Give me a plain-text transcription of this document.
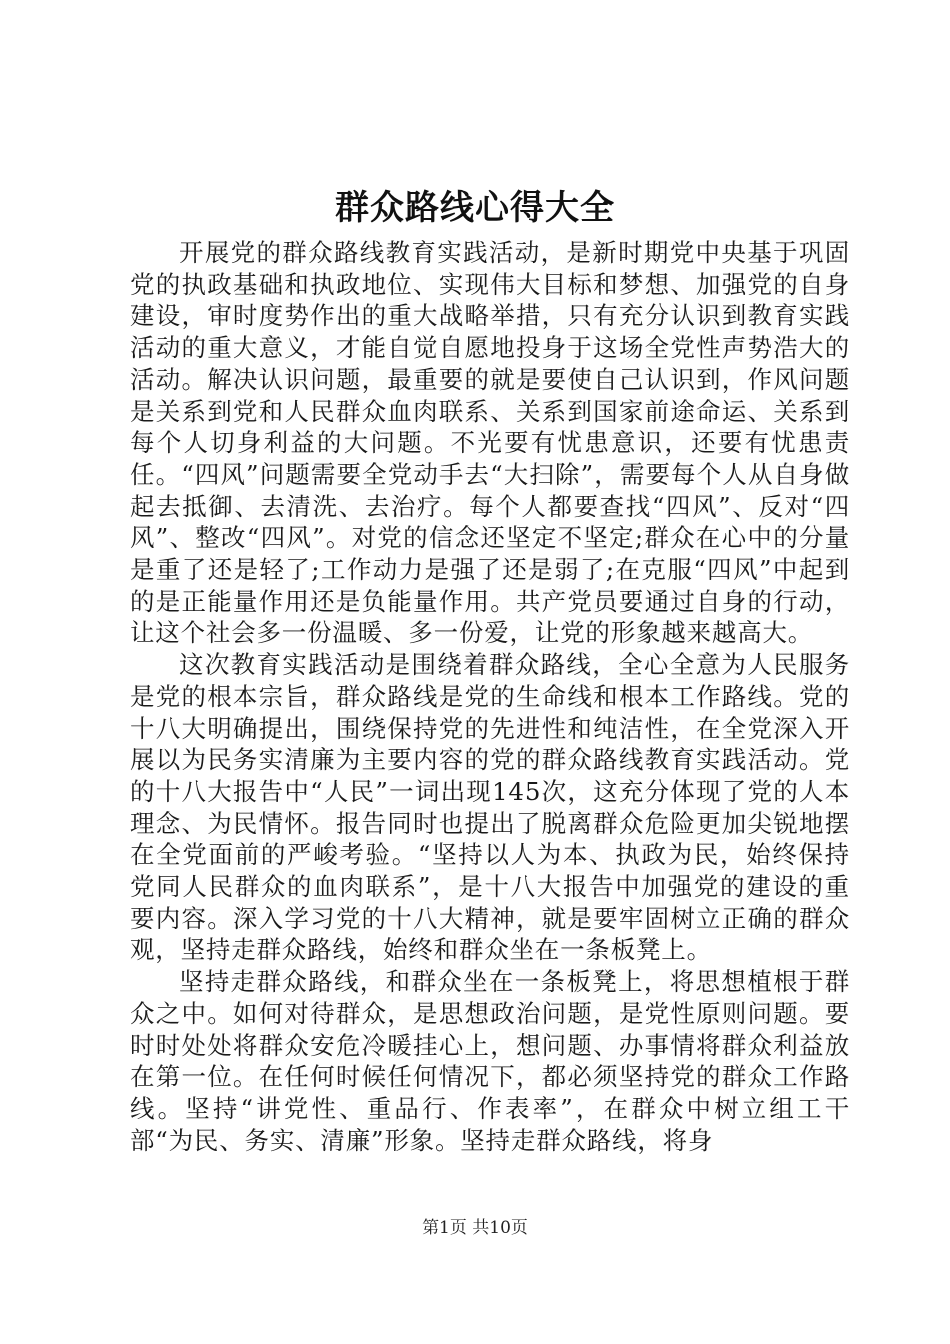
群众路线心得大全

开展党的群众路线教育实践活动，是新时期党中央基于巩固党的执政基础和执政地位、实现伟大目标和梦想、加强党的自身建设，审时度势作出的重大战略举措，只有充分认识到教育实践活动的重大意义，才能自觉自愿地投身于这场全党性声势浩大的活动。解决认识问题，最重要的就是要使自己认识到，作风问题是关系到党和人民群众血肉联系、关系到国家前途命运、关系到每个人切身利益的大问题。不光要有忧患意识，还要有忧患责任。“四风”问题需要全党动手去“大扫除”，需要每个人从自身做起去抵御、去清洗、去治疗。每个人都要查找“四风”、反对“四风”、整改“四风”。对党的信念还坚定不坚定;群众在心中的分量是重了还是轻了;工作动力是强了还是弱了;在克服“四风”中起到的是正能量作用还是负能量作用。共产党员要通过自身的行动，让这个社会多一份温暖、多一份爱，让党的形象越来越高大。

这次教育实践活动是围绕着群众路线，全心全意为人民服务是党的根本宗旨，群众路线是党的生命线和根本工作路线。党的十八大明确提出，围绕保持党的先进性和纯洁性，在全党深入开展以为民务实清廉为主要内容的党的群众路线教育实践活动。党的十八大报告中“人民”一词出现145次，这充分体现了党的人本理念、为民情怀。报告同时也提出了脱离群众危险更加尖锐地摆在全党面前的严峻考验。“坚持以人为本、执政为民，始终保持党同人民群众的血肉联系”，是十八大报告中加强党的建设的重要内容。深入学习党的十八大精神，就是要牢固树立正确的群众观，坚持走群众路线，始终和群众坐在一条板凳上。

坚持走群众路线，和群众坐在一条板凳上，将思想植根于群众之中。如何对待群众，是思想政治问题，是党性原则问题。要时时处处将群众安危冷暖挂心上，想问题、办事情将群众利益放在第一位。在任何时候任何情况下，都必须坚持党的群众工作路线。坚持“讲党性、重品行、作表率”，在群众中树立组工干部“为民、务实、清廉”形象。坚持走群众路线，将身

第1页 共10页
